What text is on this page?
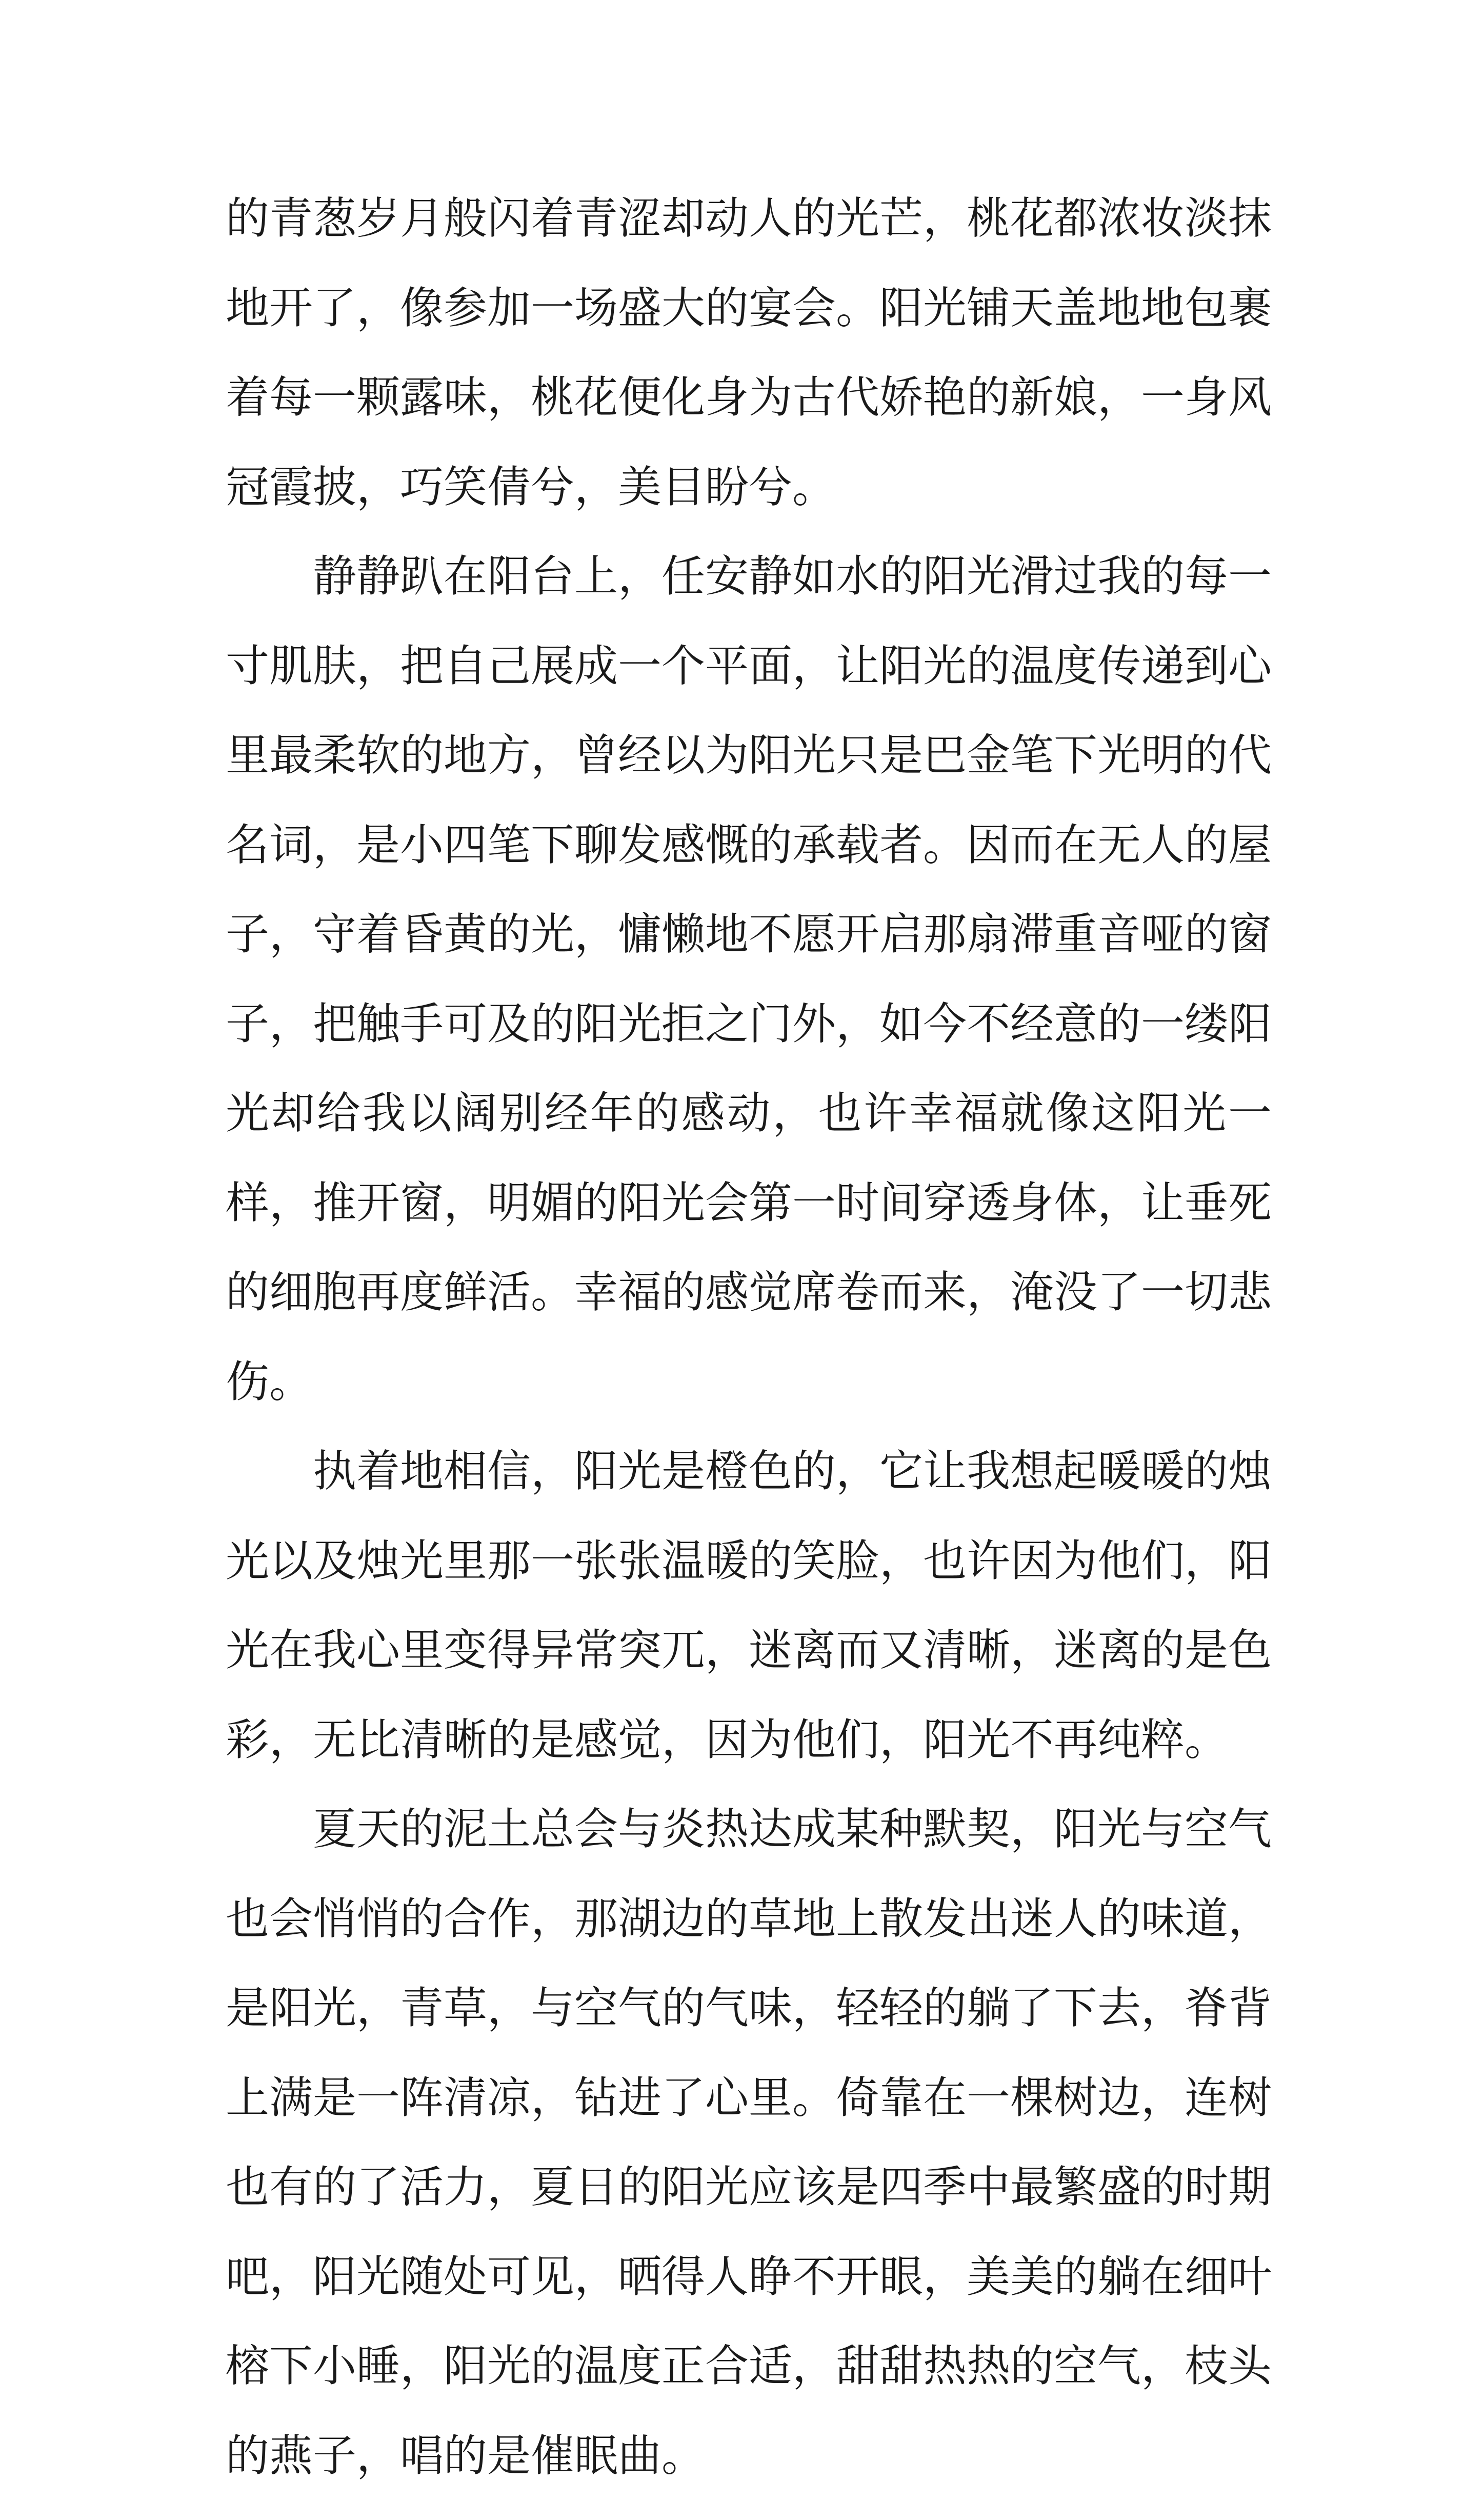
的青葱岁月般闪着青涩却动人的光芒，桃花都浓妆淡抹地开了，像参加一场盛大的宴会。阳光铺天盖地地包裹着每一颗露味，桃花便化身为古代娇艳的新娘，一身风冠霞披，巧笑倩兮，美目盼兮。

静静趴在阳台上，任安静如水的阳光滑过我的每一寸肌肤，把自己展成一个平面，让阳光的温度传递到心里最柔软的地方，曾经以为阳光只是巴金笔下光明的代名词，是小四笔下聊发感慨的承载者。因而在无人的屋子，守着昏黄的光，慵懒地不愿开启那扇滞重音哑的窗子，把触手可及的阳光拒之门外，如今不经意的一缕阳光却给我以阔别经年的感动，也许幸福就像这阳光一样，推开窗，明媚的阳光会第一时间穿透身体，让垂死的细胞再度鲜活。幸福的感觉席卷而来，淹没了一切悲伤。

执着地相信，阳光是橙色的，它让我想起暖暖的烛光以及烛光里那一张张温暖的笑脸，也许因为他们，阳光在我心里变得异常突兀，迷离而又清晰，迷离的是色彩，无比清晰的是感觉，因为他们，阳光不再纯粹。

夏天的泥土总会与炎热达成某种默契，阳光与空气也会悄悄的合作，那湖边的草地上散发出迷人的味道，是阳光，青草，与空气的气味，轻轻的躺了下去，脊背上满是一阵清凉，钻进了心里。倚靠在一棵树边，连树也有的了活力，夏日的阳光应该是四季中最繁盛的时期吧，阳光随处可见，晒得人睁不开眼，美美的躺在细叶榕下小睡，阳光的温度正合适，甜甜热热的空气，枝头的燕子，唱的是催眠曲。
